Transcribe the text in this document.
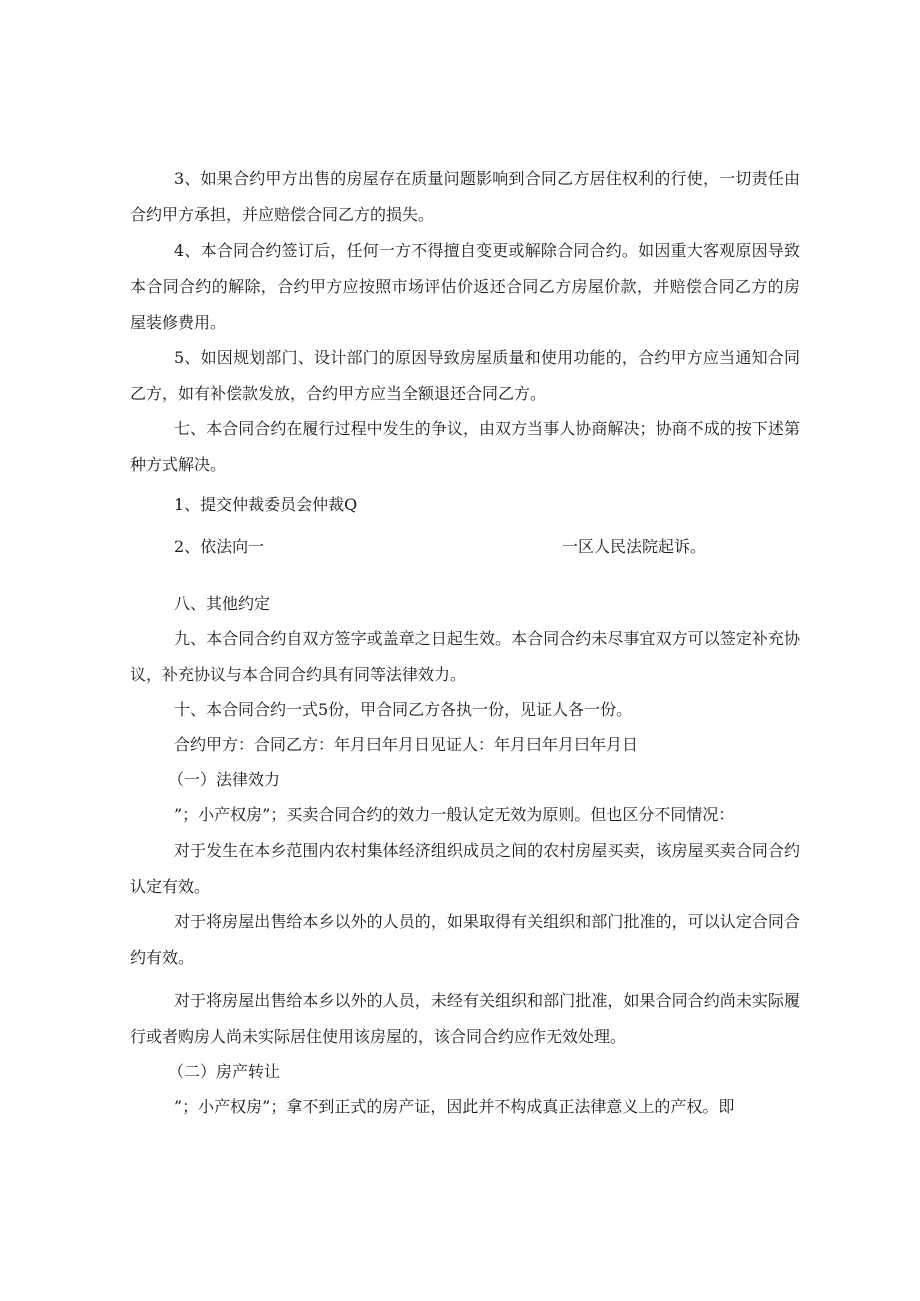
3、如果合约甲方出售的房屋存在质量问题影响到合同乙方居住权利的行使，一切责任由合约甲方承担，并应赔偿合同乙方的损失。

4、本合同合约签订后，任何一方不得擅自变更或解除合同合约。如因重大客观原因导致本合同合约的解除，合约甲方应按照市场评估价返还合同乙方房屋价款，并赔偿合同乙方的房屋装修费用。

5、如因规划部门、设计部门的原因导致房屋质量和使用功能的，合约甲方应当通知合同乙方，如有补偿款发放，合约甲方应当全额退还合同乙方。

七、本合同合约在履行过程中发生的争议，由双方当事人协商解决；协商不成的按下述第种方式解决。

1、提交仲裁委员会仲裁Q

2、依法向一	一区人民法院起诉。

八、其他约定

九、本合同合约自双方签字或盖章之日起生效。本合同合约未尽事宜双方可以签定补充协议，补充协议与本合同合约具有同等法律效力。

十、本合同合约一式5份，甲合同乙方各执一份，见证人各一份。

合约甲方：合同乙方：年月曰年月日见证人：年月曰年月曰年月日

（一）法律效力

”；小产权房”；买卖合同合约的效力一般认定无效为原则。但也区分不同情况：

对于发生在本乡范围内农村集体经济组织成员之间的农村房屋买卖，该房屋买卖合同合约认定有效。

对于将房屋出售给本乡以外的人员的，如果取得有关组织和部门批准的，可以认定合同合约有效。

对于将房屋出售给本乡以外的人员，未经有关组织和部门批准，如果合同合约尚未实际履行或者购房人尚未实际居住使用该房屋的，该合同合约应作无效处理。

（二）房产转让

”；小产权房”；拿不到正式的房产证，因此并不构成真正法律意义上的产权。即
